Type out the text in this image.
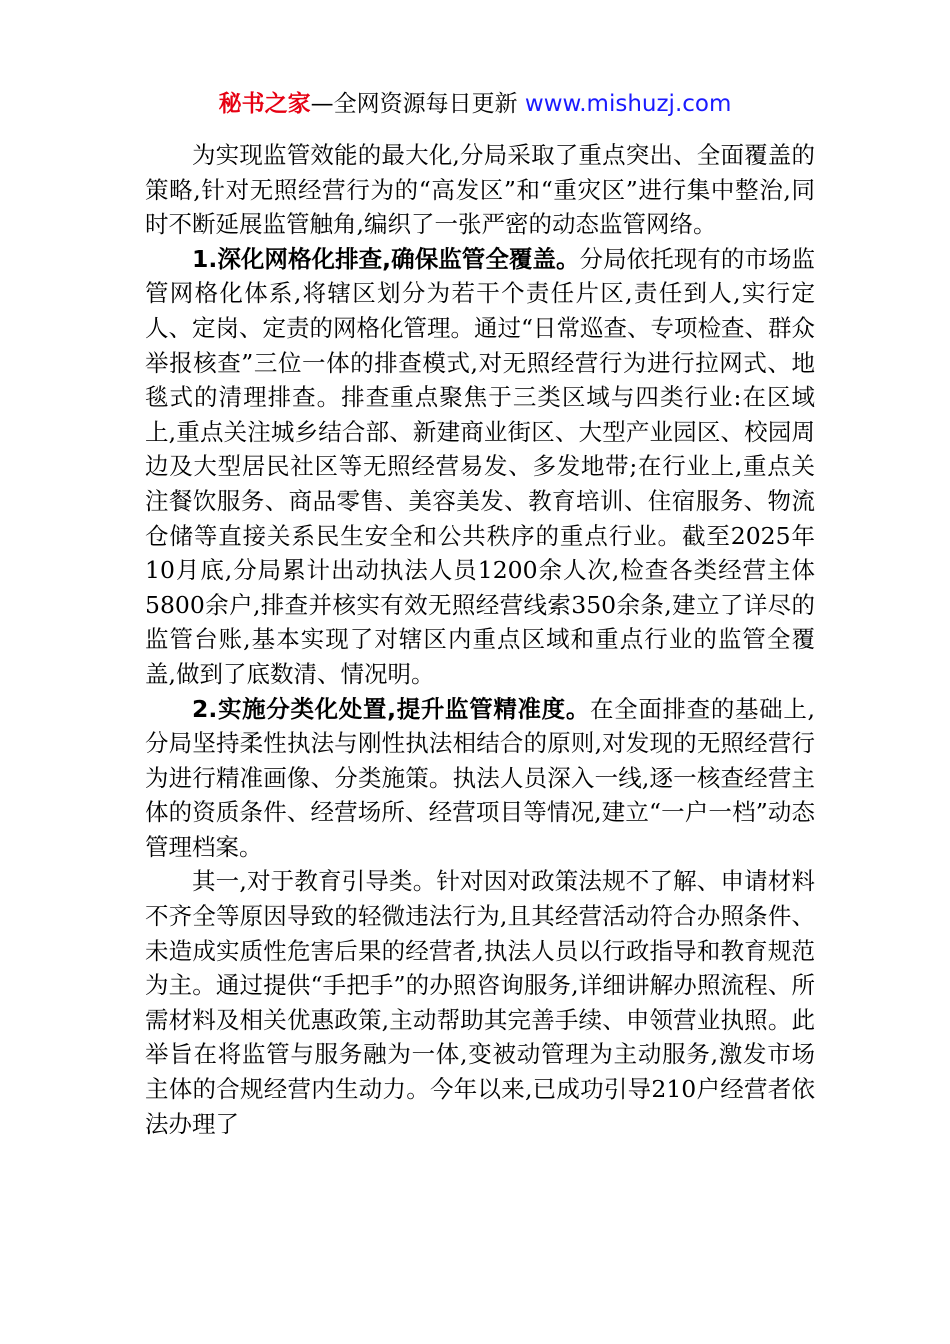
秘书之家—全网资源每日更新 www.mishuzj.com

为实现监管效能的最大化,分局采取了重点突出、全面覆盖的策略,针对无照经营行为的“高发区”和“重灾区”进行集中整治,同时不断延展监管触角,编织了一张严密的动态监管网络。

1.深化网格化排查,确保监管全覆盖。分局依托现有的市场监管网格化体系,将辖区划分为若干个责任片区,责任到人,实行定人、定岗、定责的网格化管理。通过“日常巡查、专项检查、群众举报核查”三位一体的排查模式,对无照经营行为进行拉网式、地毯式的清理排查。排查重点聚焦于三类区域与四类行业:在区域上,重点关注城乡结合部、新建商业街区、大型产业园区、校园周边及大型居民社区等无照经营易发、多发地带;在行业上,重点关注餐饮服务、商品零售、美容美发、教育培训、住宿服务、物流仓储等直接关系民生安全和公共秩序的重点行业。截至2025年10月底,分局累计出动执法人员1200余人次,检查各类经营主体5800余户,排查并核实有效无照经营线索350余条,建立了详尽的监管台账,基本实现了对辖区内重点区域和重点行业的监管全覆盖,做到了底数清、情况明。

2.实施分类化处置,提升监管精准度。在全面排查的基础上,分局坚持柔性执法与刚性执法相结合的原则,对发现的无照经营行为进行精准画像、分类施策。执法人员深入一线,逐一核查经营主体的资质条件、经营场所、经营项目等情况,建立“一户一档”动态管理档案。

其一,对于教育引导类。针对因对政策法规不了解、申请材料不齐全等原因导致的轻微违法行为,且其经营活动符合办照条件、未造成实质性危害后果的经营者,执法人员以行政指导和教育规范为主。通过提供“手把手”的办照咨询服务,详细讲解办照流程、所需材料及相关优惠政策,主动帮助其完善手续、申领营业执照。此举旨在将监管与服务融为一体,变被动管理为主动服务,激发市场主体的合规经营内生动力。今年以来,已成功引导210户经营者依法办理了
